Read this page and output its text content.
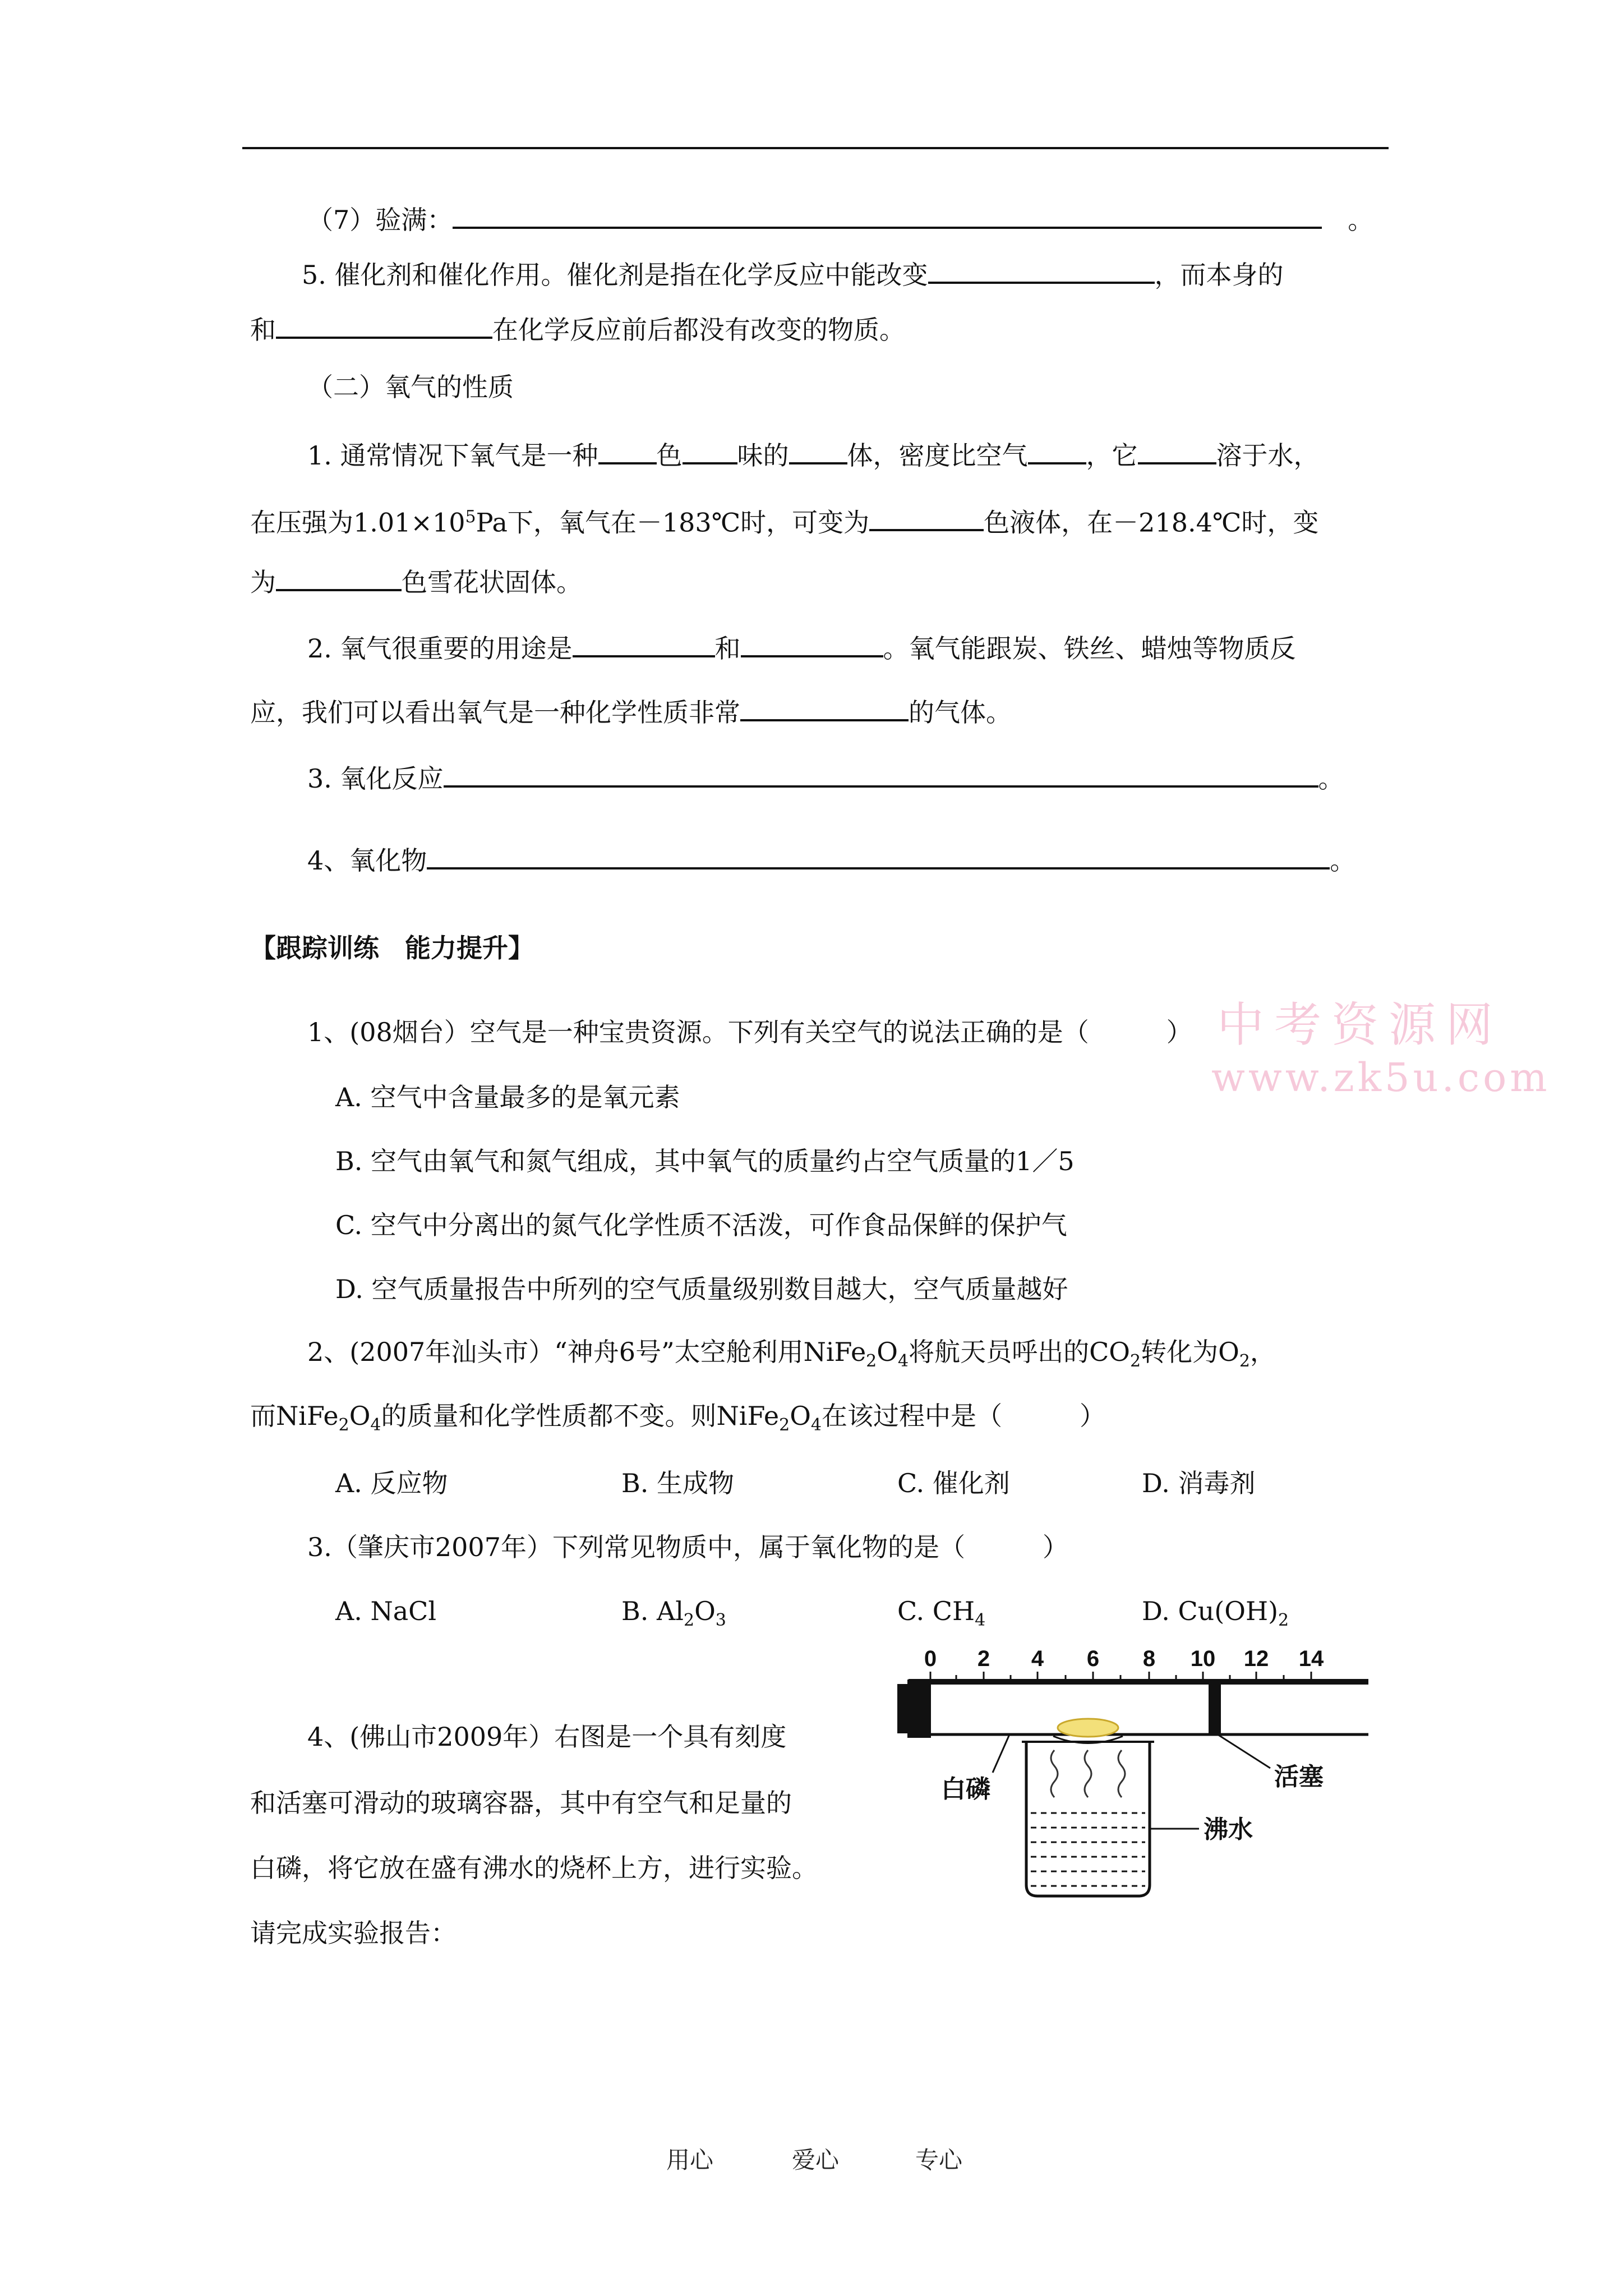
（7）验满：　	。
5. 催化剂和催化作用。催化剂是指在化学反应中能改变	，而本身的
和	在化学反应前后都没有改变的物质。
（二）氧气的性质
1. 通常情况下氧气是一种 色 味的 体，密度比空气 ，它	溶于水，
在压强为$1.01\times 10^5Pa$下，氧气在－183℃时，可变为	色液体，在－218.4℃时，变
为	色雪花状固体。
2. 氧气很重要的用途是	和	。氧气能跟炭、铁丝、蜡烛等物质反
应，我们可以看出氧气是一种化学性质非常	的气体。
3. 氧化反应	。
4、氧化物	。
【跟踪训练　能力提升】
中考资源网
www.zk5u.com
1、(08烟台）空气是一种宝贵资源。下列有关空气的说法正确的是（　　　）
A. 空气中含量最多的是氧元素
B. 空气由氧气和氮气组成，其中氧气的质量约占空气质量的1／5
C. 空气中分离出的氮气化学性质不活泼，可作食品保鲜的保护气
D. 空气质量报告中所列的空气质量级别数目越大，空气质量越好
2、(2007年汕头市）“神舟6号”太空舱利用$NiFe_2O_4$将航天员呼出的$CO_2$转化为$O_2$，
而$NiFe_2O_4$的质量和化学性质都不变。则$NiFe_2O_4$在该过程中是（　　　）
A. 反应物	B. 生成物	C. 催化剂	D. 消毒剂
3.（肇庆市2007年）下列常见物质中，属于氧化物的是（　　　）
A. NaCl	B. $Al_2O_3$	C. $CH_4$	D. $Cu(OH)_2$
4、(佛山市2009年）右图是一个具有刻度
和活塞可滑动的玻璃容器，其中有空气和足量的
白磷，将它放在盛有沸水的烧杯上方，进行实验。
请完成实验报告：
0 2 4 6 8 10 12 14
白磷	活塞
沸水
用心	爱心	专心
